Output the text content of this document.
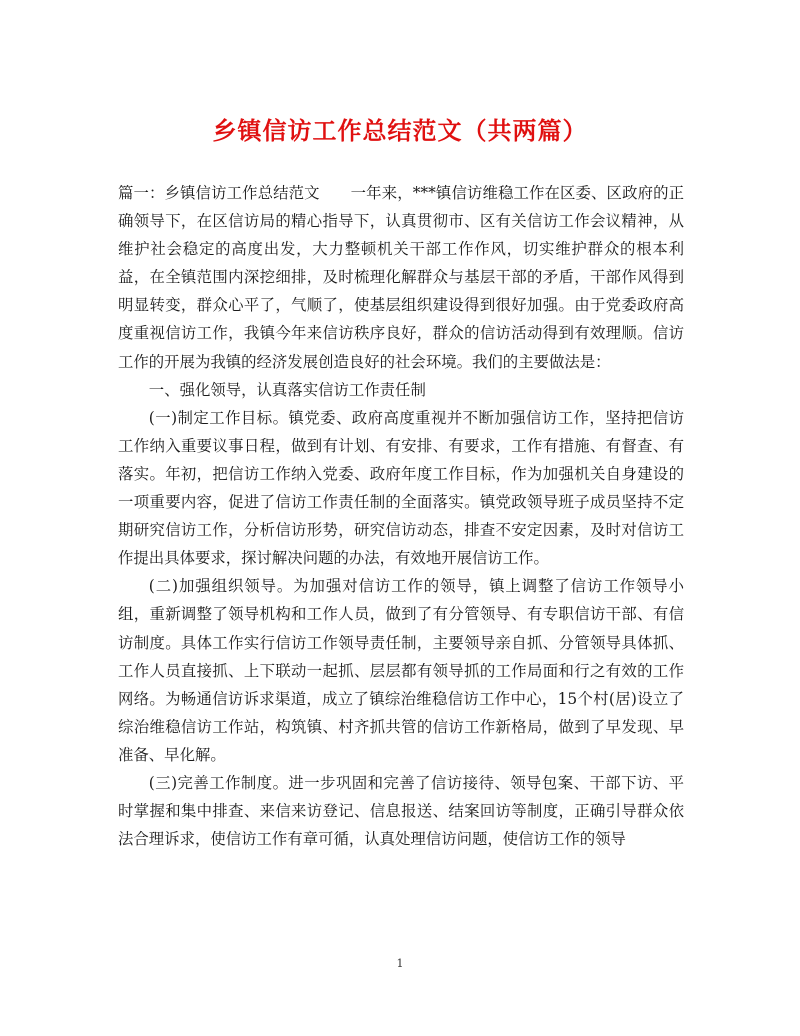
乡镇信访工作总结范文（共两篇）

篇一：乡镇信访工作总结范文　　一年来，***镇信访维稳工作在区委、区政府的正确领导下，在区信访局的精心指导下，认真贯彻市、区有关信访工作会议精神，从维护社会稳定的高度出发，大力整顿机关干部工作作风，切实维护群众的根本利益，在全镇范围内深挖细排，及时梳理化解群众与基层干部的矛盾，干部作风得到明显转变，群众心平了，气顺了，使基层组织建设得到很好加强。由于党委政府高度重视信访工作，我镇今年来信访秩序良好，群众的信访活动得到有效理顺。信访工作的开展为我镇的经济发展创造良好的社会环境。我们的主要做法是：

一、强化领导，认真落实信访工作责任制

(一)制定工作目标。镇党委、政府高度重视并不断加强信访工作，坚持把信访工作纳入重要议事日程，做到有计划、有安排、有要求，工作有措施、有督查、有落实。年初，把信访工作纳入党委、政府年度工作目标，作为加强机关自身建设的一项重要内容，促进了信访工作责任制的全面落实。镇党政领导班子成员坚持不定期研究信访工作，分析信访形势，研究信访动态，排查不安定因素，及时对信访工作提出具体要求，探讨解决问题的办法，有效地开展信访工作。

(二)加强组织领导。为加强对信访工作的领导，镇上调整了信访工作领导小组，重新调整了领导机构和工作人员，做到了有分管领导、有专职信访干部、有信访制度。具体工作实行信访工作领导责任制，主要领导亲自抓、分管领导具体抓、工作人员直接抓、上下联动一起抓、层层都有领导抓的工作局面和行之有效的工作网络。为畅通信访诉求渠道，成立了镇综治维稳信访工作中心，15个村(居)设立了综治维稳信访工作站，构筑镇、村齐抓共管的信访工作新格局，做到了早发现、早准备、早化解。

(三)完善工作制度。进一步巩固和完善了信访接待、领导包案、干部下访、平时掌握和集中排查、来信来访登记、信息报送、结案回访等制度，正确引导群众依法合理诉求，使信访工作有章可循，认真处理信访问题，使信访工作的领导

1
